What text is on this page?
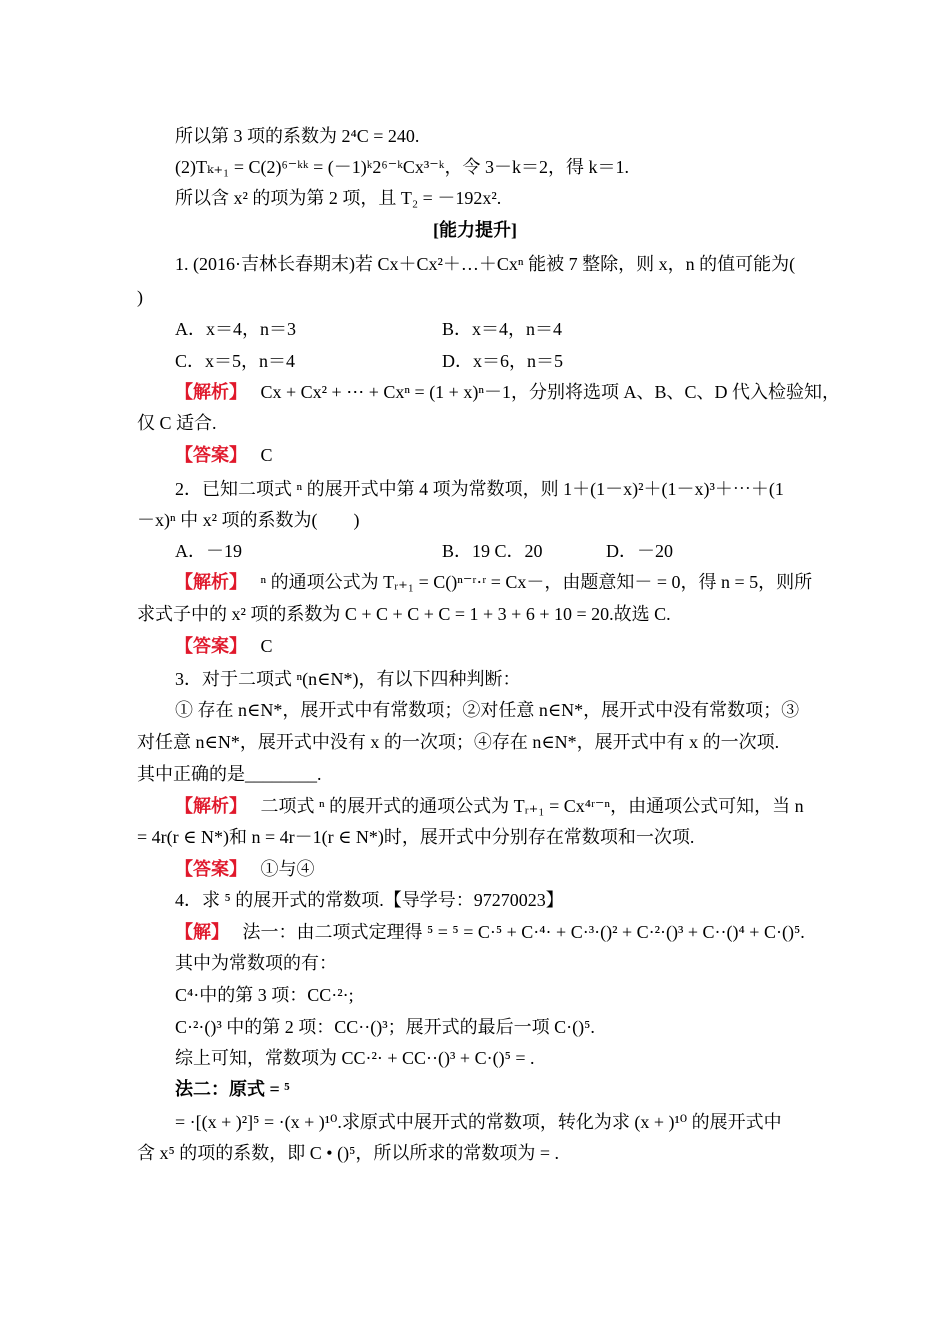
所以第 3 项的系数为 2⁴C = 240.
(2)Tₖ₊₁ = C(2)⁶⁻ᵏᵏ = (－1)ᵏ2⁶⁻ᵏCx³⁻ᵏ，令 3－k＝2，得 k＝1.
所以含 x² 的项为第 2 项，且 T₂ = －192x².
[能力提升]
1. (2016·吉林长春期末)若 Cx＋Cx²＋…＋Cxⁿ 能被 7 整除，则 x，n 的值可能为(
)
A．x＝4，n＝3	B．x＝4，n＝4
C．x＝5，n＝4	D．x＝6，n＝5
【解析】 Cx + Cx² + ⋯ + Cxⁿ = (1 + x)ⁿ－1，分别将选项 A、B、C、D 代入检验知，
仅 C 适合.
【答案】 C
2．已知二项式 ⁿ 的展开式中第 4 项为常数项，则 1＋(1－x)²＋(1－x)³＋⋯＋(1
－x)ⁿ 中 x² 项的系数为(　　)
A．－19	B．19 C．20	D．－20
【解析】 ⁿ 的通项公式为 Tᵣ₊₁ = C()ⁿ⁻ʳ·ʳ = Cx－，由题意知－ = 0，得 n = 5，则所
求式子中的 x² 项的系数为 C + C + C + C = 1 + 3 + 6 + 10 = 20.故选 C.
【答案】 C
3．对于二项式 ⁿ(n∈N*)，有以下四种判断：
① 存在 n∈N*，展开式中有常数项；②对任意 n∈N*，展开式中没有常数项；③
对任意 n∈N*，展开式中没有 x 的一次项；④存在 n∈N*，展开式中有 x 的一次项.
其中正确的是________.
【解析】 二项式 ⁿ 的展开式的通项公式为 Tᵣ₊₁ = Cx⁴ʳ⁻ⁿ，由通项公式可知，当 n
= 4r(r ∈ N*)和 n = 4r－1(r ∈ N*)时，展开式中分别存在常数项和一次项.
【答案】 ①与④
4．求 ⁵ 的展开式的常数项.【导学号：97270023】
【解】 法一：由二项式定理得 ⁵ = ⁵ = C·⁵ + C·⁴· + C·³·()² + C·²·()³ + C··()⁴ + C·()⁵.
其中为常数项的有：
C⁴·中的第 3 项：CC·²·;
C·²·()³ 中的第 2 项：CC··()³；展开式的最后一项 C·()⁵.
综上可知，常数项为 CC·²· + CC··()³ + C·()⁵ = .
法二：原式 = ⁵
= ·[(x + )²]⁵ = ·(x + )¹⁰.求原式中展开式的常数项，转化为求 (x + )¹⁰ 的展开式中
含 x⁵ 的项的系数，即 C • ()⁵，所以所求的常数项为 = .
